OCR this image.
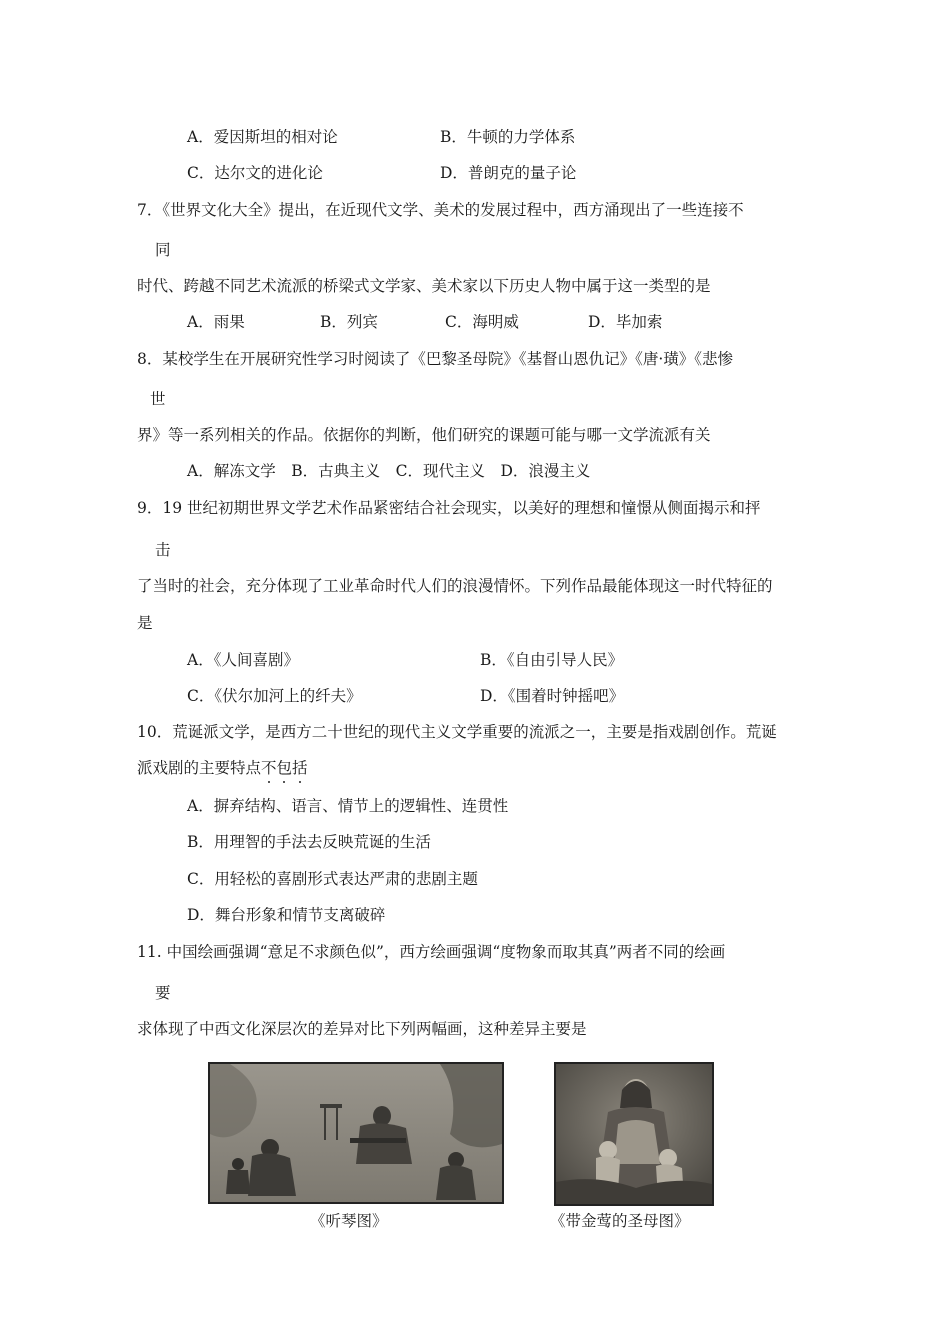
A．爱因斯坦的相对论	B．牛顿的力学体系
C．达尔文的进化论	D．普朗克的量子论
7．《世界文化大全》提出，在近现代文学、美术的发展过程中，西方涌现出了一些连接不
同
时代、跨越不同艺术流派的桥梁式文学家、美术家以下历史人物中属于这一类型的是
A．雨果	B．列宾	C．海明威	D．毕加索
8．某校学生在开展研究性学习时阅读了《巴黎圣母院》《基督山恩仇记》《唐·璜》《悲惨
世
界》等一系列相关的作品。依据你的判断，他们研究的课题可能与哪一文学流派有关
A．解冻文学　B．古典主义　C．现代主义　D．浪漫主义
9．19 世纪初期世界文学艺术作品紧密结合社会现实，以美好的理想和憧憬从侧面揭示和抨
击
了当时的社会，充分体现了工业革命时代人们的浪漫情怀。下列作品最能体现这一时代特征的
是
A．《人间喜剧》	B．《自由引导人民》
C．《伏尔加河上的纤夫》	D．《围着时钟摇吧》
10．荒诞派文学，是西方二十世纪的现代主义文学重要的流派之一，主要是指戏剧创作。荒诞
派戏剧的主要特点不包括
A．摒弃结构、语言、情节上的逻辑性、连贯性
B．用理智的手法去反映荒诞的生活
C．用轻松的喜剧形式表达严肃的悲剧主题
D．舞台形象和情节支离破碎
11. 中国绘画强调“意足不求颜色似”，西方绘画强调“度物象而取其真”两者不同的绘画
要
求体现了中西文化深层次的差异对比下列两幅画，这种差异主要是
《听琴图》	《带金莺的圣母图》
